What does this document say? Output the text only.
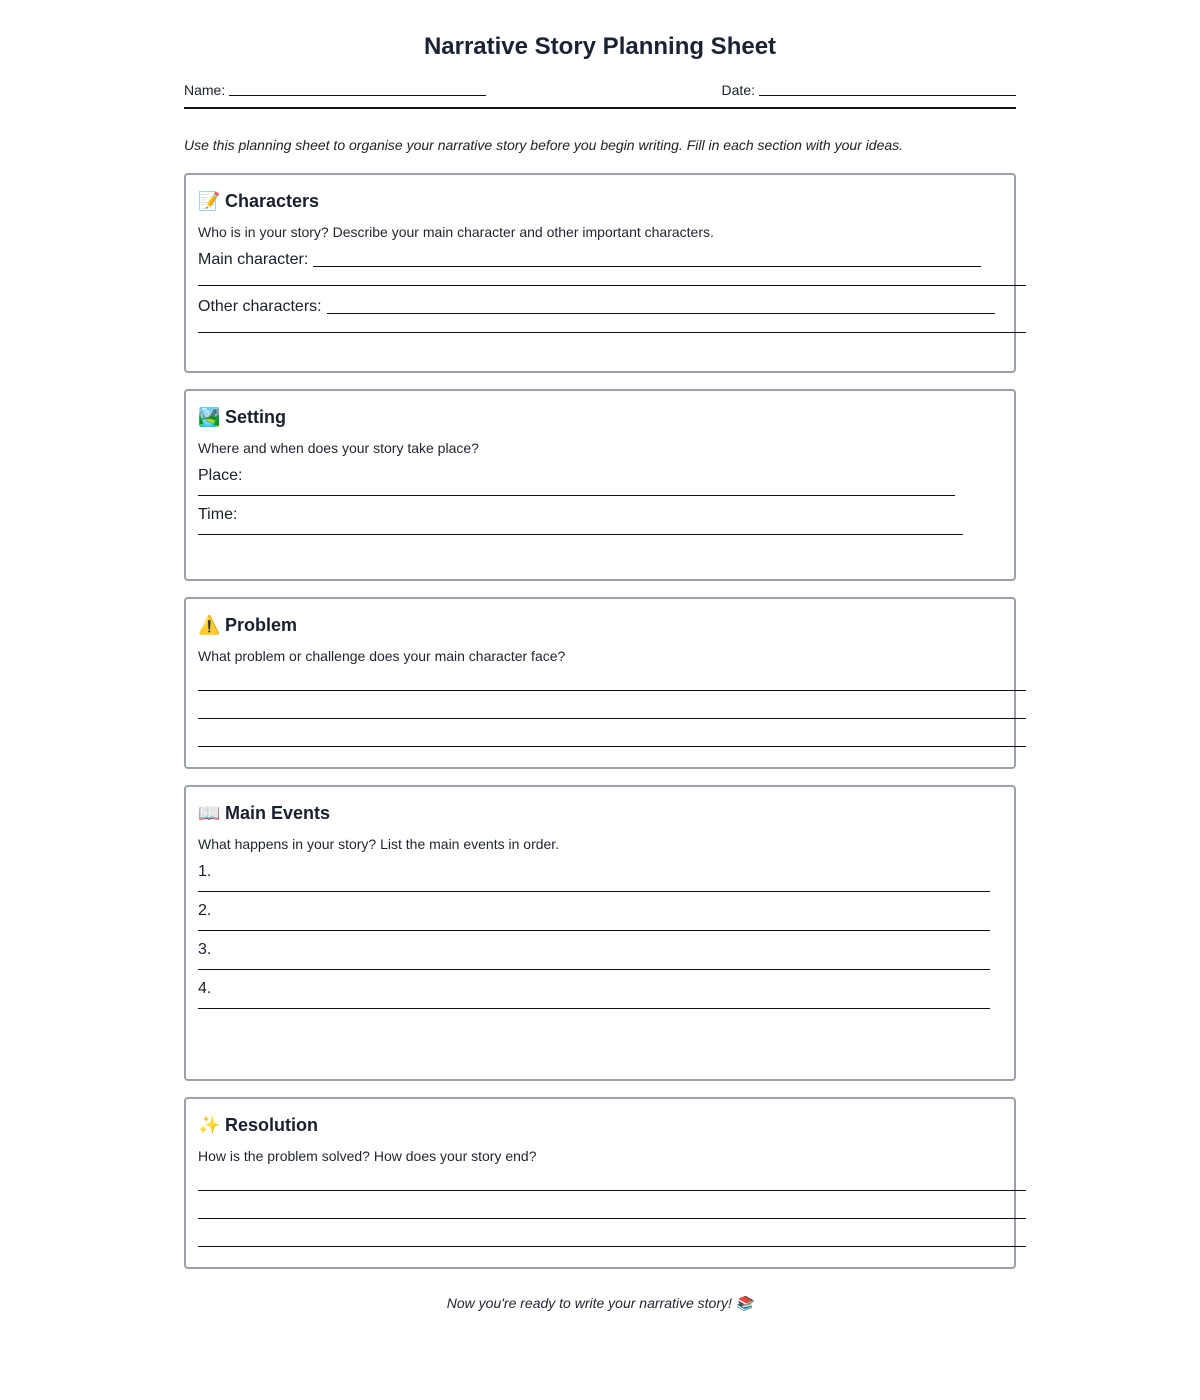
Narrative Story Planning Sheet
Name:	Date:

Use this planning sheet to organise your narrative story before you begin writing. Fill in each section with your ideas.

📝 Characters
Who is in your story? Describe your main character and other important characters.
Main character:
Other characters:
🏞️ Setting
Where and when does your story take place?
Place:
Time:
⚠️ Problem
What problem or challenge does your main character face?
📖 Main Events
What happens in your story? List the main events in order.
1.
2.
3.
4.
✨ Resolution
How is the problem solved? How does your story end?
Now you're ready to write your narrative story! 📚
